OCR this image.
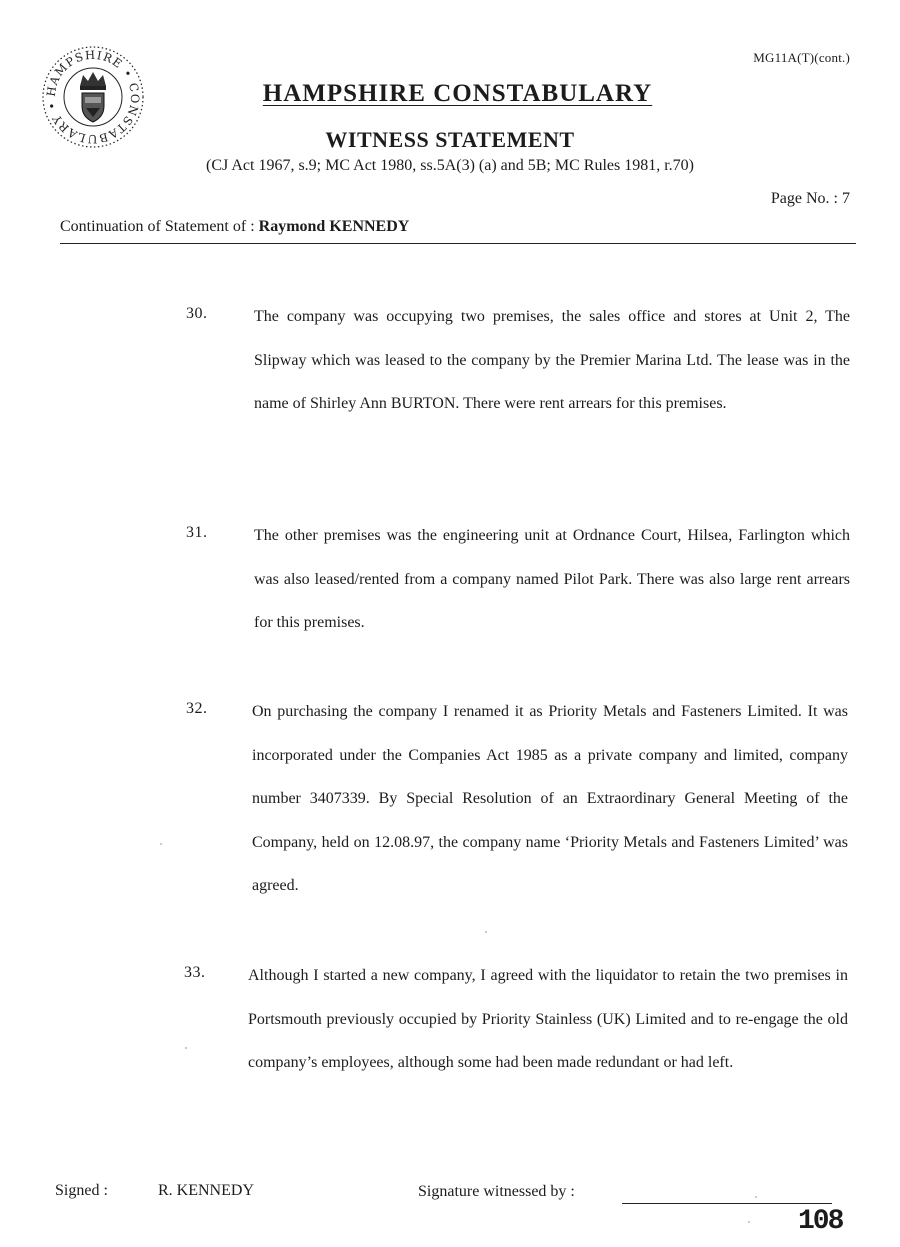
MG11A(T)(cont.)
HAMPSHIRE • CONSTABULARY •	HAMPSHIRE CONSTABULARY
WITNESS STATEMENT
(CJ Act 1967, s.9; MC Act 1980, ss.5A(3) (a) and 5B; MC Rules 1981, r.70)
Page No. : 7
Continuation of Statement of : Raymond KENNEDY
30.	The company was occupying two premises, the sales office and stores at Unit 2, The Slipway which was leased to the company by the Premier Marina Ltd. The lease was in the name of Shirley Ann BURTON. There were rent arrears for this premises.

31.	The other premises was the engineering unit at Ordnance Court, Hilsea, Farlington which was also leased/rented from a company named Pilot Park. There was also large rent arrears for this premises.

32.	On purchasing the company I renamed it as Priority Metals and Fasteners Limited. It was incorporated under the Companies Act 1985 as a private company and limited, company number 3407339. By Special Resolution of an Extraordinary General Meeting of the Company, held on 12.08.97, the company name ‘Priority Metals and Fasteners Limited’ was agreed.

33.	Although I started a new company, I agreed with the liquidator to retain the two premises in Portsmouth previously occupied by Priority Stainless (UK) Limited and to re-engage the old company’s employees, although some had been made redundant or had left.

Signed :	R. KENNEDY	Signature witnessed by :
108
